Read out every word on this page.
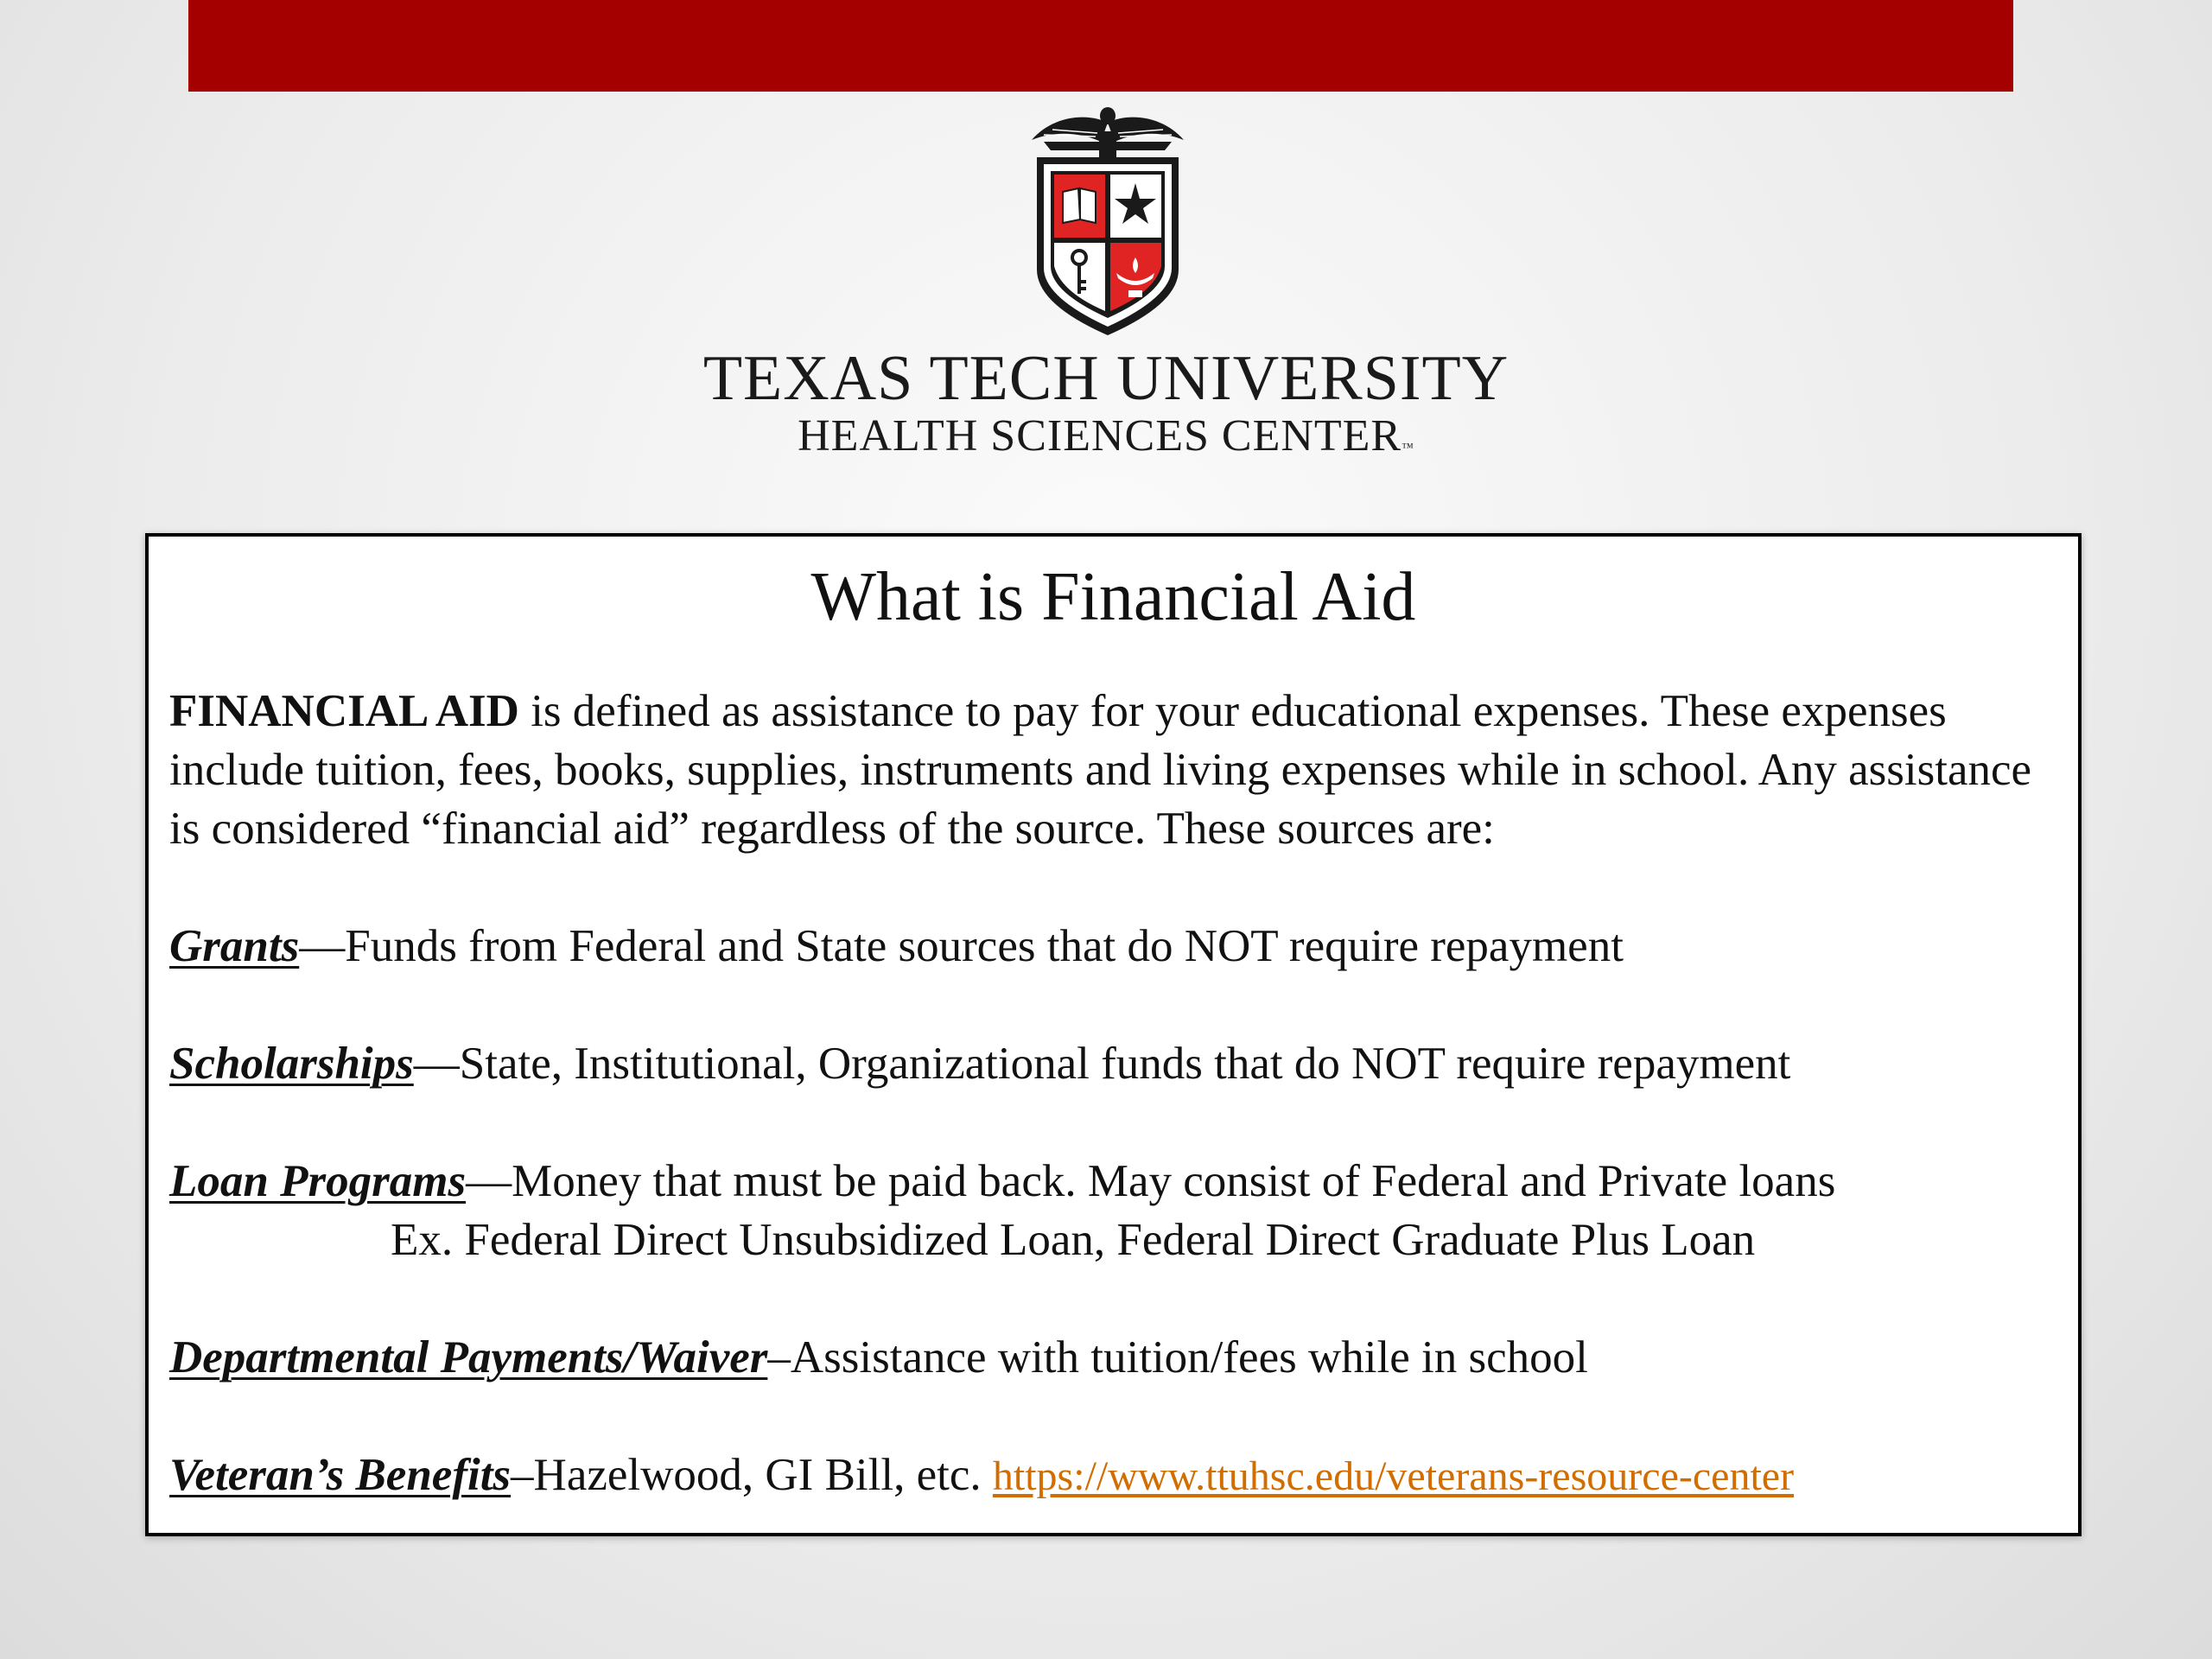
TEXAS TECH UNIVERSITY
HEALTH SCIENCES CENTER™
What is Financial Aid
FINANCIAL AID is defined as assistance to pay for your educational expenses. These expenses include tuition, fees, books, supplies, instruments and living expenses while in school. Any assistance is considered “financial aid” regardless of the source. These sources are:
Grants—Funds from Federal and State sources that do NOT require repayment
Scholarships—State, Institutional, Organizational funds that do NOT require repayment
Loan Programs—Money that must be paid back. May consist of Federal and Private loans
Ex. Federal Direct Unsubsidized Loan, Federal Direct Graduate Plus Loan
Departmental Payments/Waiver–Assistance with tuition/fees while in school
Veteran’s Benefits–Hazelwood, GI Bill, etc. https://www.ttuhsc.edu/veterans-resource-center
